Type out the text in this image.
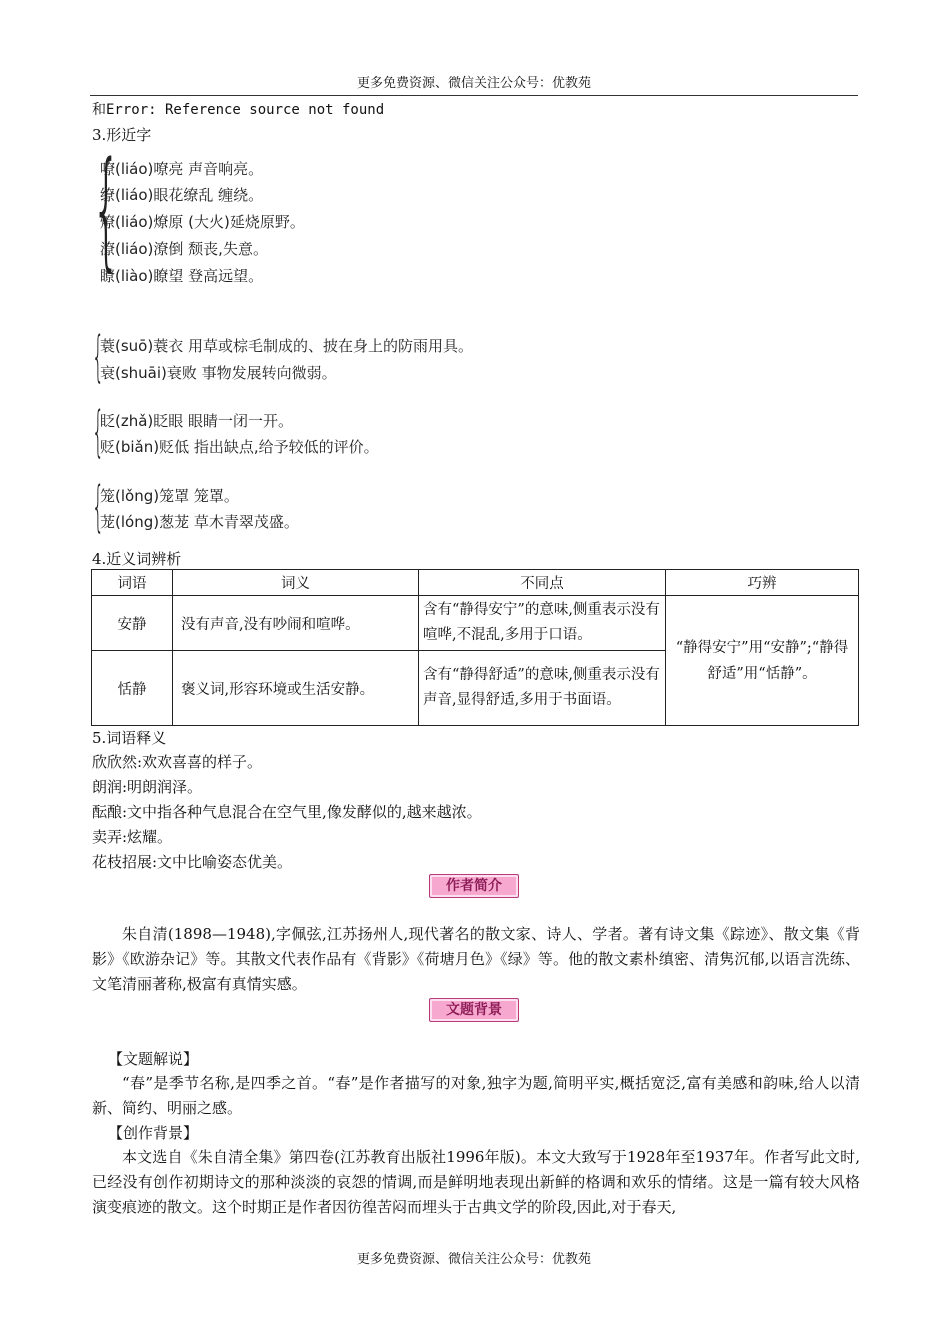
更多免费资源、微信关注公众号：优教苑
和Error: Reference source not found
3.形近字
{
嘹(liáo)嘹亮 声音响亮。
缭(liáo)眼花缭乱 缠绕。
燎(liáo)燎原 (大火)延烧原野。
潦(liáo)潦倒 颓丧,失意。
瞭(liào)瞭望 登高远望。
{
蓑(suō)蓑衣 用草或棕毛制成的、披在身上的防雨用具。
衰(shuāi)衰败 事物发展转向微弱。
{
眨(zhǎ)眨眼 眼睛一闭一开。
贬(biǎn)贬低 指出缺点,给予较低的评价。
{
笼(lǒng)笼罩 笼罩。
茏(lóng)葱茏 草木青翠茂盛。
4.近义词辨析
词语	词义	不同点	巧辨
安静	没有声音,没有吵闹和喧哗。	含有“静得安宁”的意味,侧重表示没有喧哗,不混乱,多用于口语。	“静得安宁”用“安静”;“静得舒适”用“恬静”。
恬静	褒义词,形容环境或生活安静。	含有“静得舒适”的意味,侧重表示没有声音,显得舒适,多用于书面语。	
5.词语释义
欣欣然:欢欢喜喜的样子。
朗润:明朗润泽。
酝酿:文中指各种气息混合在空气里,像发酵似的,越来越浓。
卖弄:炫耀。
花枝招展:文中比喻姿态优美。
作者简介
朱自清(1898—1948),字佩弦,江苏扬州人,现代著名的散文家、诗人、学者。著有诗文集《踪迹》、散文集《背影》《欧游杂记》等。其散文代表作品有《背影》《荷塘月色》《绿》等。他的散文素朴缜密、清隽沉郁,以语言洗练、文笔清丽著称,极富有真情实感。
文题背景
【文题解说】
“春”是季节名称,是四季之首。“春”是作者描写的对象,独字为题,简明平实,概括宽泛,富有美感和韵味,给人以清新、简约、明丽之感。
【创作背景】
本文选自《朱自清全集》第四卷(江苏教育出版社1996年版)。本文大致写于1928年至1937年。作者写此文时,已经没有创作初期诗文的那种淡淡的哀怨的情调,而是鲜明地表现出新鲜的格调和欢乐的情绪。这是一篇有较大风格演变痕迹的散文。这个时期正是作者因彷徨苦闷而埋头于古典文学的阶段,因此,对于春天,
更多免费资源、微信关注公众号：优教苑
